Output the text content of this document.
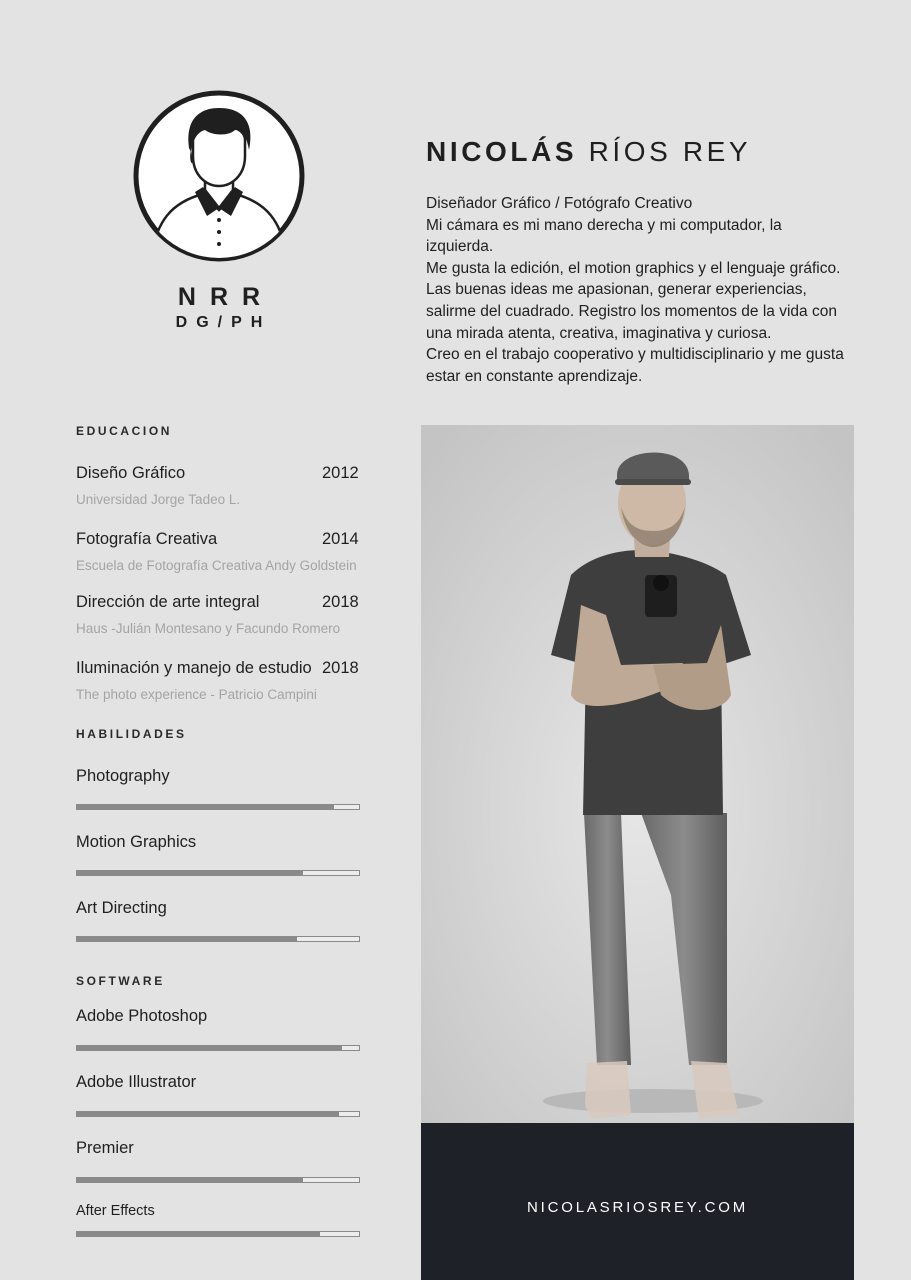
NRR
DG/PH
NICOLÁS RÍOS REY
Diseñador Gráfico / Fotógrafo Creativo
Mi cámara es mi mano derecha y mi computador, la izquierda.
Me gusta la edición, el motion graphics y el lenguaje gráfico.
Las buenas ideas me apasionan, generar experiencias, salirme del cuadrado. Registro los momentos de la vida con una mirada atenta, creativa, imaginativa y curiosa.
Creo en el trabajo cooperativo y multidisciplinario y me gusta estar en constante aprendizaje.
EDUCACION
Diseño Gráfico	2012
Universidad Jorge Tadeo L.
Fotografía Creativa	2014
Escuela de Fotografía Creativa Andy Goldstein
Dirección de arte integral	2018
Haus -Julián Montesano y Facundo Romero
Iluminación y manejo de estudio 2018
The photo experience - Patricio Campini
HABILIDADES
Photography
Motion Graphics
Art Directing
SOFTWARE
Adobe Photoshop
Adobe Illustrator
Premier
After Effects	NICOLASRIOSREY.COM
